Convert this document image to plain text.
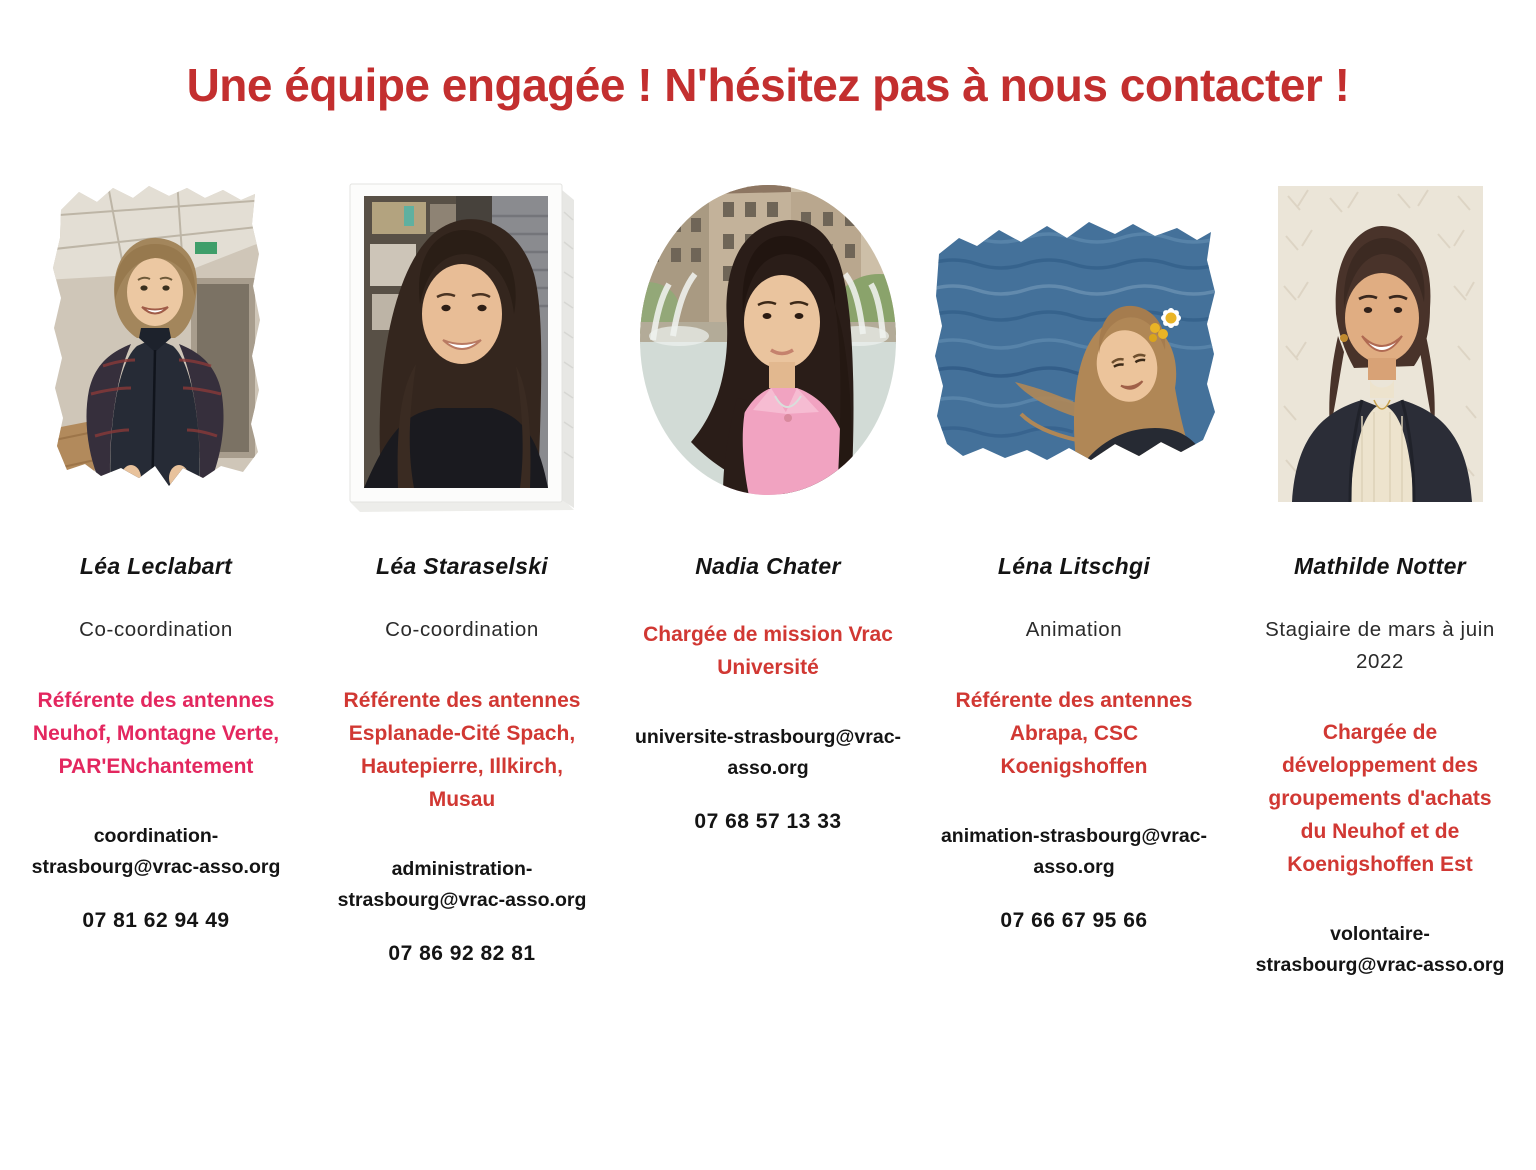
Une équipe engagée ! N'hésitez pas à nous contacter !
Léa Leclabart
Co-coordination
Référente des antennes
Neuhof, Montagne Verte,
PAR'ENchantement
coordination-
strasbourg@vrac-asso.org
07 81 62 94 49
Léa Staraselski
Co-coordination
Référente des antennes
Esplanade-Cité Spach,
Hautepierre, Illkirch,
Musau
administration-
strasbourg@vrac-asso.org
07 86 92 82 81
Nadia Chater
Chargée de mission Vrac
Université
universite-strasbourg@vrac-
asso.org
07 68 57 13 33
Léna Litschgi
Animation
Référente des antennes
Abrapa, CSC
Koenigshoffen
animation-strasbourg@vrac-
asso.org
07 66 67 95 66
Mathilde Notter
Stagiaire de mars à juin
2022
Chargée de
développement des
groupements d'achats
du Neuhof et de
Koenigshoffen Est
volontaire-
strasbourg@vrac-asso.org
